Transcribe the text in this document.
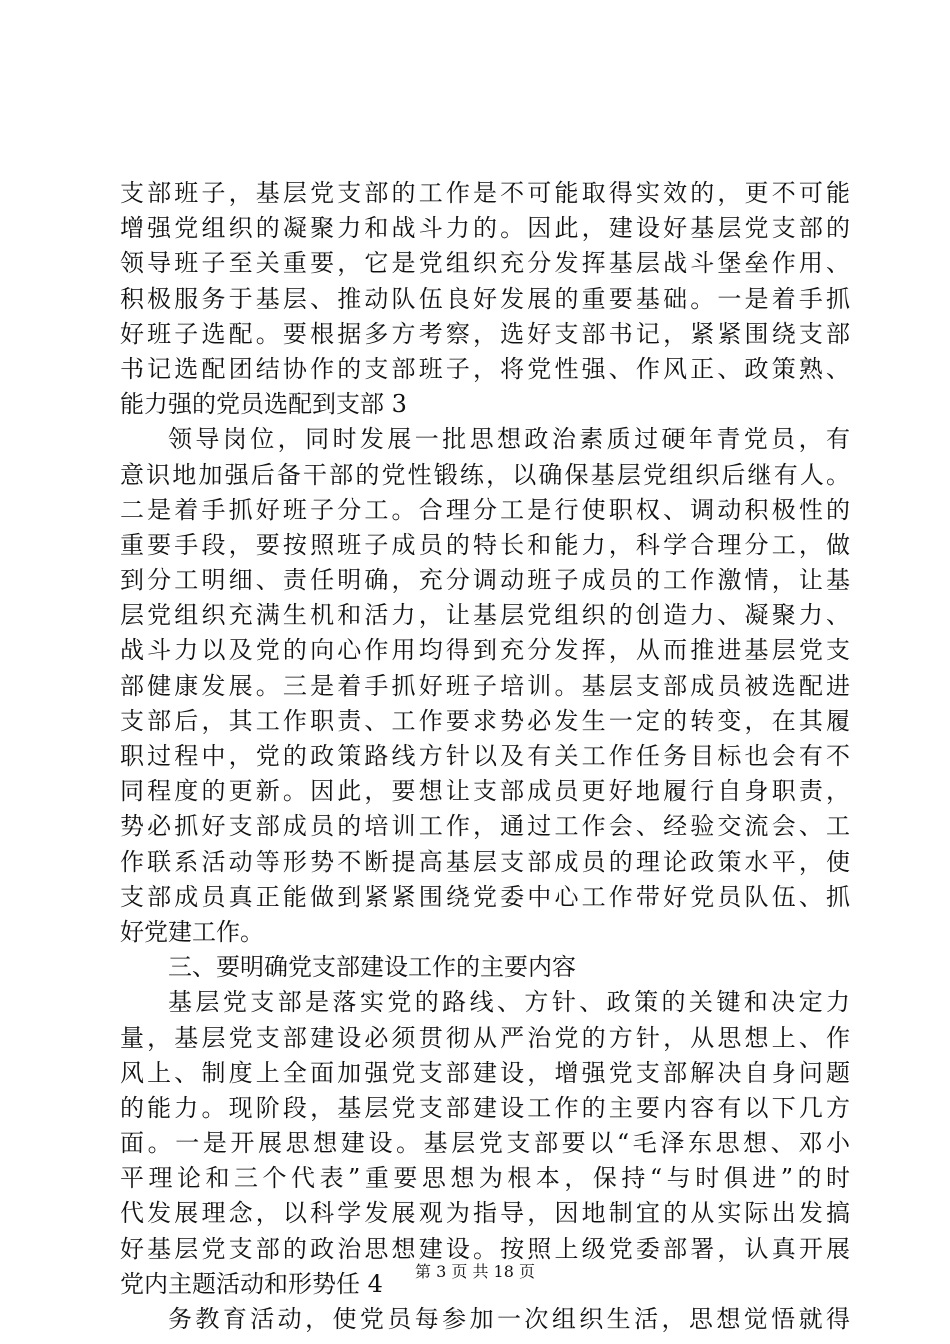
支部班子，基层党支部的工作是不可能取得实效的，更不可能
增强党组织的凝聚力和战斗力的。因此，建设好基层党支部的
领导班子至关重要，它是党组织充分发挥基层战斗堡垒作用、
积极服务于基层、推动队伍良好发展的重要基础。一是着手抓
好班子选配。要根据多方考察，选好支部书记，紧紧围绕支部
书记选配团结协作的支部班子，将党性强、作风正、政策熟、
能力强的党员选配到支部 3
领导岗位，同时发展一批思想政治素质过硬年青党员，有
意识地加强后备干部的党性锻练，以确保基层党组织后继有人。
二是着手抓好班子分工。合理分工是行使职权、调动积极性的
重要手段，要按照班子成员的特长和能力，科学合理分工，做
到分工明细、责任明确，充分调动班子成员的工作激情，让基
层党组织充满生机和活力，让基层党组织的创造力、凝聚力、
战斗力以及党的向心作用均得到充分发挥，从而推进基层党支
部健康发展。三是着手抓好班子培训。基层支部成员被选配进
支部后，其工作职责、工作要求势必发生一定的转变，在其履
职过程中，党的政策路线方针以及有关工作任务目标也会有不
同程度的更新。因此，要想让支部成员更好地履行自身职责，
势必抓好支部成员的培训工作，通过工作会、经验交流会、工
作联系活动等形势不断提高基层支部成员的理论政策水平，使
支部成员真正能做到紧紧围绕党委中心工作带好党员队伍、抓
好党建工作。
三、要明确党支部建设工作的主要内容
基层党支部是落实党的路线、方针、政策的关键和决定力
量，基层党支部建设必须贯彻从严治党的方针，从思想上、作
风上、制度上全面加强党支部建设，增强党支部解决自身问题
的能力。现阶段，基层党支部建设工作的主要内容有以下几方
面。一是开展思想建设。基层党支部要以“毛泽东思想、邓小
平理论和三个代表”重要思想为根本，保持“与时俱进”的时
代发展理念，以科学发展观为指导，因地制宜的从实际出发搞
好基层党支部的政治思想建设。按照上级党委部署，认真开展
党内主题活动和形势任 4
务教育活动，使党员每参加一次组织生活，思想觉悟就得
第 3 页 共 18 页
